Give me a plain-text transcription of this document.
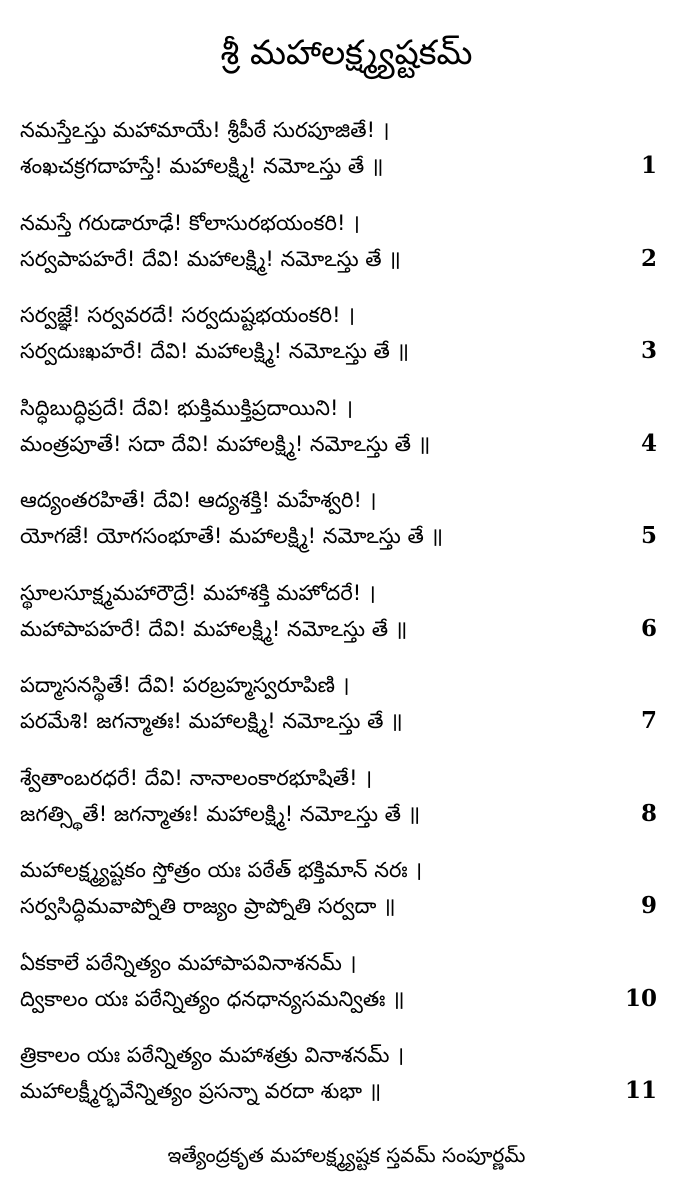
శ్రీ మహాలక్ష్మ్యష్టకమ్
నమస్తేఽస్తు మహామాయే! శ్రీపీఠే సురపూజితే! ।
శంఖచక్రగదాహస్తే! మహాలక్ష్మి! నమోఽస్తు తే ॥	1
నమస్తే గరుడారూఢే! కోలాసురభయంకరి! ।
సర్వపాపహరే! దేవి! మహాలక్ష్మి! నమోఽస్తు తే ॥	2
సర్వజ్ఞే! సర్వవరదే! సర్వదుష్టభయంకరి! ।
సర్వదుఃఖహరే! దేవి! మహాలక్ష్మి! నమోఽస్తు తే ॥	3
సిద్ధిబుద్ధిప్రదే! దేవి! భుక్తిముక్తిప్రదాయిని! ।
మంత్రపూతే! సదా దేవి! మహాలక్ష్మి! నమోఽస్తు తే ॥	4
ఆద్యంతరహితే! దేవి! ఆద్యశక్తి! మహేశ్వరి! ।
యోగజే! యోగసంభూతే! మహాలక్ష్మి! నమోఽస్తు తే ॥	5
స్థూలసూక్ష్మమహారౌద్రే! మహాశక్తి మహోదరే! ।
మహాపాపహరే! దేవి! మహాలక్ష్మి! నమోఽస్తు తే ॥	6
పద్మాసనస్థితే! దేవి! పరబ్రహ్మస్వరూపిణి ।
పరమేశి! జగన్మాతః! మహాలక్ష్మి! నమోఽస్తు తే ॥	7
శ్వేతాంబరధరే! దేవి! నానాలంకారభూషితే! ।
జగత్స్థితే! జగన్మాతః! మహాలక్ష్మి! నమోఽస్తు తే ॥	8
మహాలక్ష్మ్యష్టకం స్తోత్రం యః పఠేత్ భక్తిమాన్ నరః ।
సర్వసిద్ధిమవాప్నోతి రాజ్యం ప్రాప్నోతి సర్వదా ॥	9
ఏకకాలే పఠేన్నిత్యం మహాపాపవినాశనమ్ ।
ద్వికాలం యః పఠేన్నిత్యం ధనధాన్యసమన్వితః ॥	10
త్రికాలం యః పఠేన్నిత్యం మహాశత్రు వినాశనమ్ ।
మహాలక్ష్మీర్భవేన్నిత్యం ప్రసన్నా వరదా శుభా ॥	11
ఇత్యేంద్రకృత మహాలక్ష్మ్యష్టక స్తవమ్ సంపూర్ణమ్
